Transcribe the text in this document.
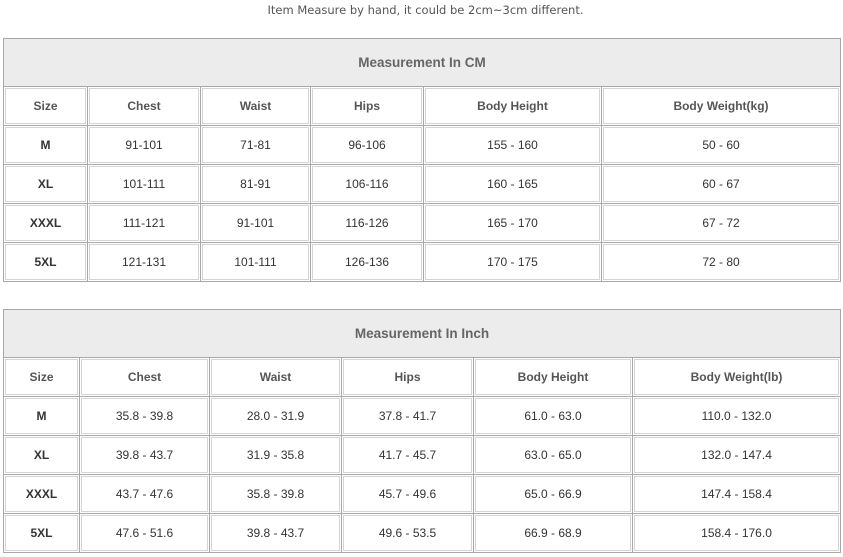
Item Measure by hand, it could be 2cm~3cm different.
Measurement In CM					
Size	Chest	Waist	Hips	Body Height	Body Weight(kg)
M	91-101	71-81	96-106	155 - 160	50 - 60
XL	101-111	81-91	106-116	160 - 165	60 - 67
XXXL	111-121	91-101	116-126	165 - 170	67 - 72
5XL	121-131	101-111	126-136	170 - 175	72 - 80
Measurement In Inch					
Size	Chest	Waist	Hips	Body Height	Body Weight(lb)
M	35.8 - 39.8	28.0 - 31.9	37.8 - 41.7	61.0 - 63.0	110.0 - 132.0
XL	39.8 - 43.7	31.9 - 35.8	41.7 - 45.7	63.0 - 65.0	132.0 - 147.4
XXXL	43.7 - 47.6	35.8 - 39.8	45.7 - 49.6	65.0 - 66.9	147.4 - 158.4
5XL	47.6 - 51.6	39.8 - 43.7	49.6 - 53.5	66.9 - 68.9	158.4 - 176.0
